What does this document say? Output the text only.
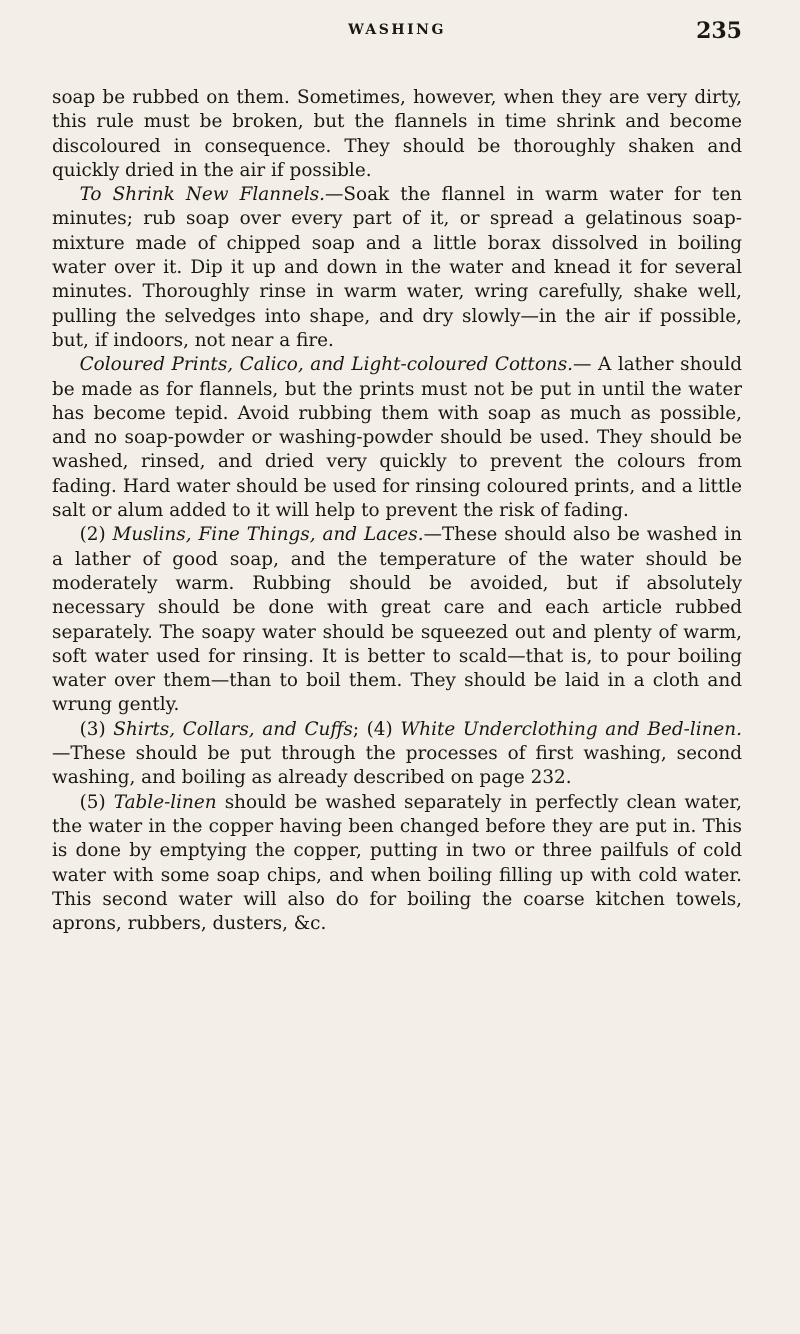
WASHING	235

soap be rubbed on them. Sometimes, however, when they are very dirty, this rule must be broken, but the flannels in time shrink and become discoloured in consequence. They should be thoroughly shaken and quickly dried in the air if possible.

To Shrink New Flannels.—Soak the flannel in warm water for ten minutes; rub soap over every part of it, or spread a gelatinous soap-mixture made of chipped soap and a little borax dissolved in boiling water over it. Dip it up and down in the water and knead it for several minutes. Thoroughly rinse in warm water, wring carefully, shake well, pulling the selvedges into shape, and dry slowly—in the air if possible, but, if indoors, not near a fire.

Coloured Prints, Calico, and Light-coloured Cottons.— A lather should be made as for flannels, but the prints must not be put in until the water has become tepid. Avoid rubbing them with soap as much as possible, and no soap-powder or washing-powder should be used. They should be washed, rinsed, and dried very quickly to prevent the colours from fading. Hard water should be used for rinsing coloured prints, and a little salt or alum added to it will help to prevent the risk of fading.

(2) Muslins, Fine Things, and Laces.—These should also be washed in a lather of good soap, and the temperature of the water should be moderately warm. Rubbing should be avoided, but if absolutely necessary should be done with great care and each article rubbed separately. The soapy water should be squeezed out and plenty of warm, soft water used for rinsing. It is better to scald—that is, to pour boiling water over them—than to boil them. They should be laid in a cloth and wrung gently.

(3) Shirts, Collars, and Cuffs; (4) White Underclothing and Bed-linen.—These should be put through the processes of first washing, second washing, and boiling as already described on page 232.

(5) Table-linen should be washed separately in perfectly clean water, the water in the copper having been changed before they are put in. This is done by emptying the copper, putting in two or three pailfuls of cold water with some soap chips, and when boiling filling up with cold water. This second water will also do for boiling the coarse kitchen towels, aprons, rubbers, dusters, &c.
